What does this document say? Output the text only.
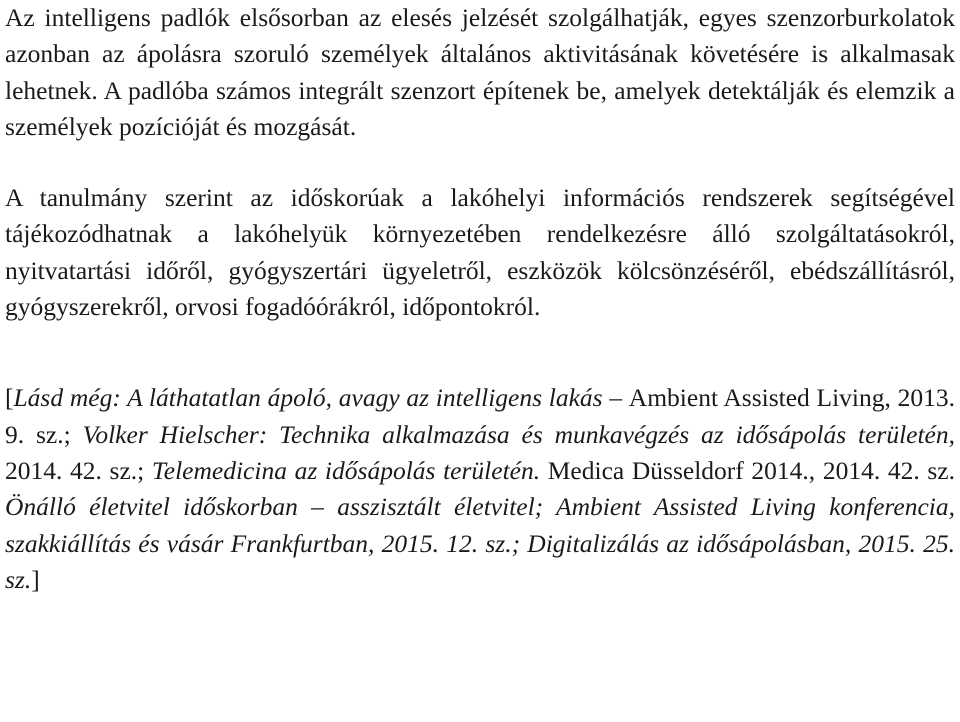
Az intelligens padlók elsősorban az elesés jelzését szolgálhatják, egyes szenzorburkolatok azonban az ápolásra szoruló személyek általános aktivitásának követésére is alkalmasak lehetnek. A padlóba számos integrált szenzort építenek be, amelyek detektálják és elemzik a személyek pozícióját és mozgását.

A tanulmány szerint az időskorúak a lakóhelyi információs rendszerek segítségével tájékozódhatnak a lakóhelyük környezetében rendelkezésre álló szolgáltatásokról, nyitvatartási időről, gyógyszertári ügyeletről, eszközök kölcsönzéséről, ebédszállításról, gyógyszerekről, orvosi fogadóórákról, időpontokról.

[Lásd még: A láthatatlan ápoló, avagy az intelligens lakás – Ambient Assisted Living, 2013. 9. sz.; Volker Hielscher: Technika alkalmazása és munkavégzés az idősápolás területén, 2014. 42. sz.; Telemedicina az idősápolás területén. Medica Düsseldorf 2014., 2014. 42. sz. Önálló életvitel időskorban – asszisztált életvitel; Ambient Assisted Living konferencia, szakkiállítás és vásár Frankfurtban, 2015. 12. sz.; Digitalizálás az idősápolásban, 2015. 25. sz.]
